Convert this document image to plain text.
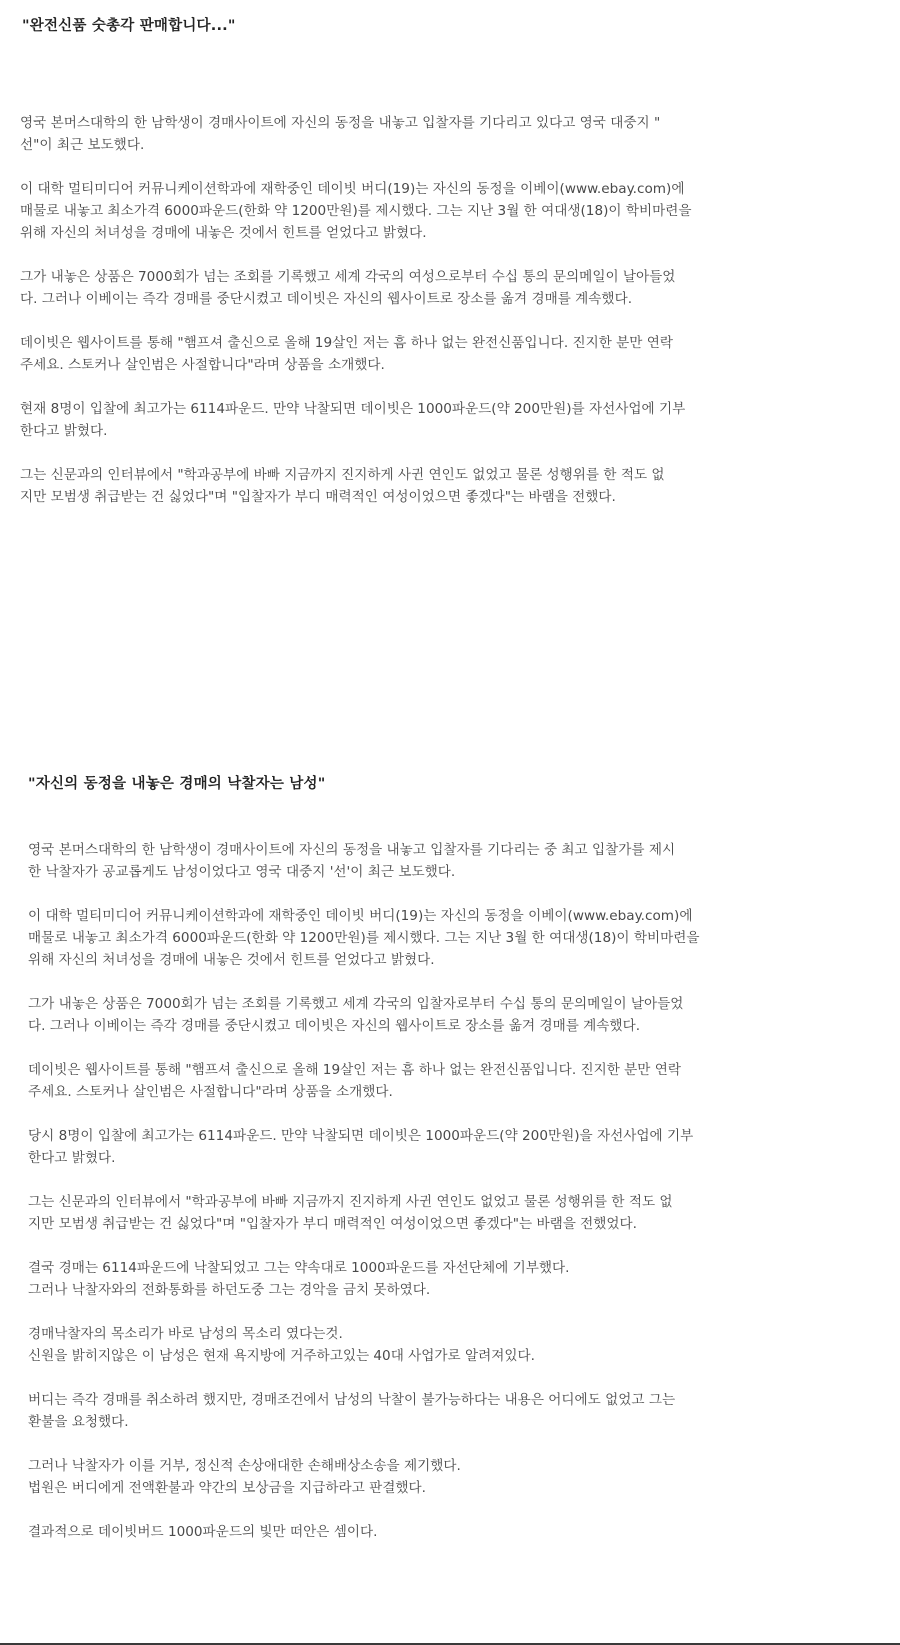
"완전신품 숫총각 판매합니다..."

영국 본머스대학의 한 남학생이 경매사이트에 자신의 동정을 내놓고 입찰자를 기다리고 있다고 영국 대중지 "
선"이 최근 보도했다.

이 대학 멀티미디어 커뮤니케이션학과에 재학중인 데이빗 버디(19)는 자신의 동정을 이베이(www.ebay.com)에
매물로 내놓고 최소가격 6000파운드(한화 약 1200만원)를 제시했다. 그는 지난 3월 한 여대생(18)이 학비마련을
위해 자신의 처녀성을 경매에 내놓은 것에서 힌트를 얻었다고 밝혔다.

그가 내놓은 상품은 7000회가 넘는 조회를 기록했고 세계 각국의 여성으로부터 수십 통의 문의메일이 날아들었
다. 그러나 이베이는 즉각 경매를 중단시켰고 데이빗은 자신의 웹사이트로 장소를 옮겨 경매를 계속했다.

데이빗은 웹사이트를 통해 "햄프셔 출신으로 올해 19살인 저는 흠 하나 없는 완전신품입니다. 진지한 분만 연락
주세요. 스토커나 살인범은 사절합니다"라며 상품을 소개했다.

현재 8명이 입찰에 최고가는 6114파운드. 만약 낙찰되면 데이빗은 1000파운드(약 200만원)를 자선사업에 기부
한다고 밝혔다.

그는 신문과의 인터뷰에서 "학과공부에 바빠 지금까지 진지하게 사귄 연인도 없었고 물론 성행위를 한 적도 없
지만 모범생 취급받는 건 싫었다"며 "입찰자가 부디 매력적인 여성이었으면 좋겠다"는 바램을 전했다.

"자신의 동정을 내놓은 경매의 낙찰자는 남성"

영국 본머스대학의 한 남학생이 경매사이트에 자신의 동정을 내놓고 입찰자를 기다리는 중 최고 입찰가를 제시
한 낙찰자가 공교롭게도 남성이었다고 영국 대중지 '선'이 최근 보도했다.

이 대학 멀티미디어 커뮤니케이션학과에 재학중인 데이빗 버디(19)는 자신의 동정을 이베이(www.ebay.com)에
매물로 내놓고 최소가격 6000파운드(한화 약 1200만원)를 제시했다. 그는 지난 3월 한 여대생(18)이 학비마련을
위해 자신의 처녀성을 경매에 내놓은 것에서 힌트를 얻었다고 밝혔다.

그가 내놓은 상품은 7000회가 넘는 조회를 기록했고 세계 각국의 입찰자로부터 수십 통의 문의메일이 날아들었
다. 그러나 이베이는 즉각 경매를 중단시켰고 데이빗은 자신의 웹사이트로 장소를 옮겨 경매를 계속했다.

데이빗은 웹사이트를 통해 "햄프셔 출신으로 올해 19살인 저는 흠 하나 없는 완전신품입니다. 진지한 분만 연락
주세요. 스토커나 살인범은 사절합니다"라며 상품을 소개했다.

당시 8명이 입찰에 최고가는 6114파운드. 만약 낙찰되면 데이빗은 1000파운드(약 200만원)을 자선사업에 기부
한다고 밝혔다.

그는 신문과의 인터뷰에서 "학과공부에 바빠 지금까지 진지하게 사귄 연인도 없었고 물론 성행위를 한 적도 없
지만 모범생 취급받는 건 싫었다"며 "입찰자가 부디 매력적인 여성이었으면 좋겠다"는 바램을 전했었다.

결국 경매는 6114파운드에 낙찰되었고 그는 약속대로 1000파운드를 자선단체에 기부했다.
그러나 낙찰자와의 전화통화를 하던도중 그는 경악을 금치 못하였다.

경매낙찰자의 목소리가 바로 남성의 목소리 였다는것.
신원을 밝히지않은 이 남성은 현재 욕지방에 거주하고있는 40대 사업가로 알려져있다.

버디는 즉각 경매를 취소하려 했지만, 경매조건에서 남성의 낙찰이 불가능하다는 내용은 어디에도 없었고 그는
환불을 요청했다.

그러나 낙찰자가 이를 거부, 정신적 손상애대한 손해배상소송을 제기했다.
법원은 버디에게 전액환불과 약간의 보상금을 지급하라고 판결했다.

결과적으로 데이빗버드 1000파운드의 빛만 떠안은 셈이다.
